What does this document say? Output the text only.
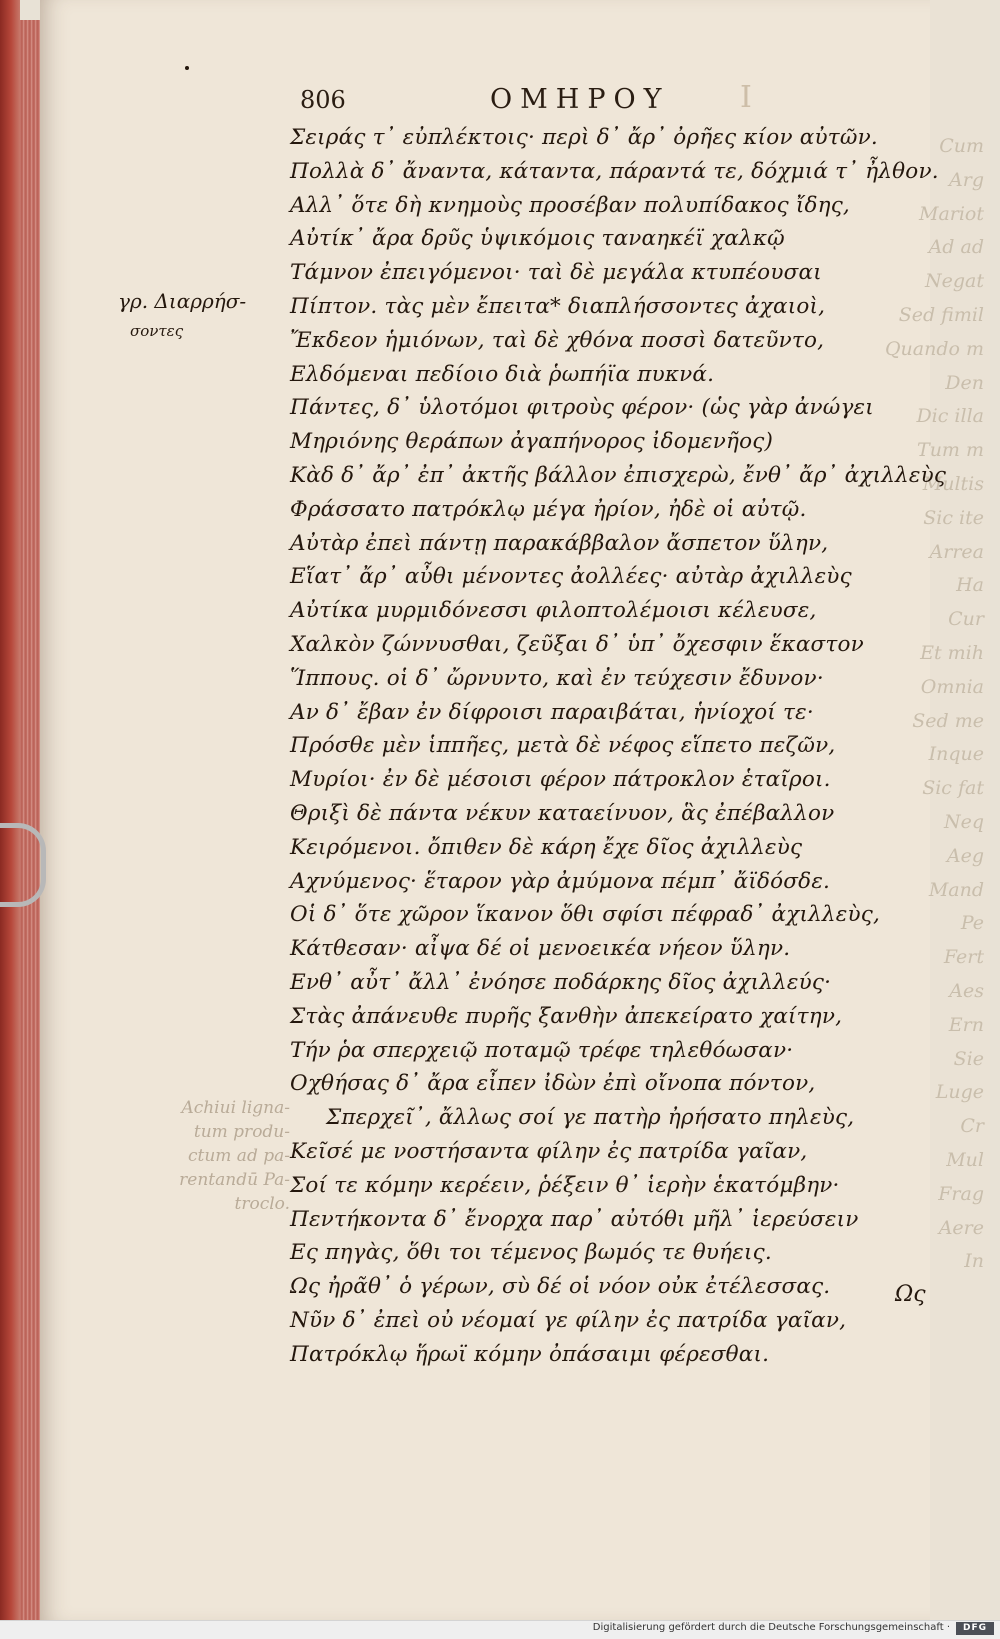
Cum
Arg
Mariot
Ad ad
Negat
Sed fimil
Quando m
Den
Dic illa
Tum m
Multis
Sic ite
Arrea
Ha
Cur
Et mih
Omnia
Sed me
Inque
Sic fat
Neq
Aeg
Mand
Pe
Fert
Aes
Ern
Sie
Luge
Cr
Mul
Frag
Aere
In
806	ΟΜΗΡΟΥ Ι
γρ. Διαρρήσ-
σοντες
Achiui ligna-
tum produ-
ctum ad pa-
rentandū Pa-
troclo.
Σειράς τ᾽ εὐπλέκτοις· περὶ δ᾽ ἄρ᾽ ὀρῆες κίον αὐτῶν.
Πολλὰ δ᾽ ἄναντα, κάταντα, πάραντά τε, δόχμιά τ᾽ ἦλθον.
Αλλ᾽ ὅτε δὴ κνημοὺς προσέβαν πολυπίδακος ἴδης,
Αὐτίκ᾽ ἄρα δρῦς ὑψικόμοις ταναηκέϊ χαλκῷ
Τάμνον ἐπειγόμενοι· ταὶ δὲ μεγάλα κτυπέουσαι
Πίπτον. τὰς μὲν ἔπειτα* διαπλήσσοντες ἀχαιοὶ,
Ἔκδεον ἡμιόνων, ταὶ δὲ χθόνα ποσσὶ δατεῦντο,
Ελδόμεναι πεδίοιο διὰ ῥωπήϊα πυκνά.
Πάντες, δ᾽ ὑλοτόμοι φιτροὺς φέρον· (ὡς γὰρ ἀνώγει
Μηριόνης θεράπων ἀγαπήνορος ἰδομενῆος)
Κὰδ δ᾽ ἄρ᾽ ἐπ᾽ ἀκτῆς βάλλον ἐπισχερὼ, ἔνθ᾽ ἄρ᾽ ἀχιλλεὺς
Φράσσατο πατρόκλῳ μέγα ἠρίον, ἠδὲ οἱ αὐτῷ.
Αὐτὰρ ἐπεὶ πάντῃ παρακάββαλον ἄσπετον ὕλην,
Εἵατ᾽ ἄρ᾽ αὖθι μένοντες ἀολλέες· αὐτὰρ ἀχιλλεὺς
Αὐτίκα μυρμιδόνεσσι φιλοπτολέμοισι κέλευσε,
Χαλκὸν ζώννυσθαι, ζεῦξαι δ᾽ ὑπ᾽ ὄχεσφιν ἕκαστον
Ἵππους. οἱ δ᾽ ὤρνυντο, καὶ ἐν τεύχεσιν ἔδυνον·
Αν δ᾽ ἔβαν ἐν δίφροισι παραιβάται, ἡνίοχοί τε·
Πρόσθε μὲν ἱππῆες, μετὰ δὲ νέφος εἵπετο πεζῶν,
Μυρίοι· ἐν δὲ μέσοισι φέρον πάτροκλον ἑταῖροι.
Θριξὶ δὲ πάντα νέκυν καταείνυον, ἃς ἐπέβαλλον
Κειρόμενοι. ὄπιθεν δὲ κάρη ἔχε δῖος ἀχιλλεὺς
Αχνύμενος· ἕταρον γὰρ ἀμύμονα πέμπ᾽ ἄϊδόσδε.
Οἱ δ᾽ ὅτε χῶρον ἵκανον ὅθι σφίσι πέφραδ᾽ ἀχιλλεὺς,
Κάτθεσαν· αἶψα δέ οἱ μενοεικέα νήεον ὕλην.
Ενθ᾽ αὖτ᾽ ἄλλ᾽ ἐνόησε ποδάρκης δῖος ἀχιλλεύς·
Στὰς ἀπάνευθε πυρῆς ξανθὴν ἀπεκείρατο χαίτην,
Τήν ῥα σπερχειῷ ποταμῷ τρέφε τηλεθόωσαν·
Οχθήσας δ᾽ ἄρα εἶπεν ἰδὼν ἐπὶ οἴνοπα πόντον,
Σπερχεῖ᾽, ἄλλως σοί γε πατὴρ ἠρήσατο πηλεὺς,
Κεῖσέ με νοστήσαντα φίλην ἐς πατρίδα γαῖαν,
Σοί τε κόμην κερέειν, ῥέξειν θ᾽ ἱερὴν ἑκατόμβην·
Πεντήκοντα δ᾽ ἔνορχα παρ᾽ αὐτόθι μῆλ᾽ ἱερεύσειν
Ες πηγὰς, ὅθι τοι τέμενος βωμός τε θυήεις.
Ως ἠρᾶθ᾽ ὁ γέρων, σὺ δέ οἱ νόον οὐκ ἐτέλεσσας.
Νῦν δ᾽ ἐπεὶ οὐ νέομαί γε φίλην ἐς πατρίδα γαῖαν,
Πατρόκλῳ ἥρωϊ κόμην ὀπάσαιμι φέρεσθαι.
Ως
Digitalisierung gefördert durch die Deutsche Forschungsgemeinschaft ·	DFG
